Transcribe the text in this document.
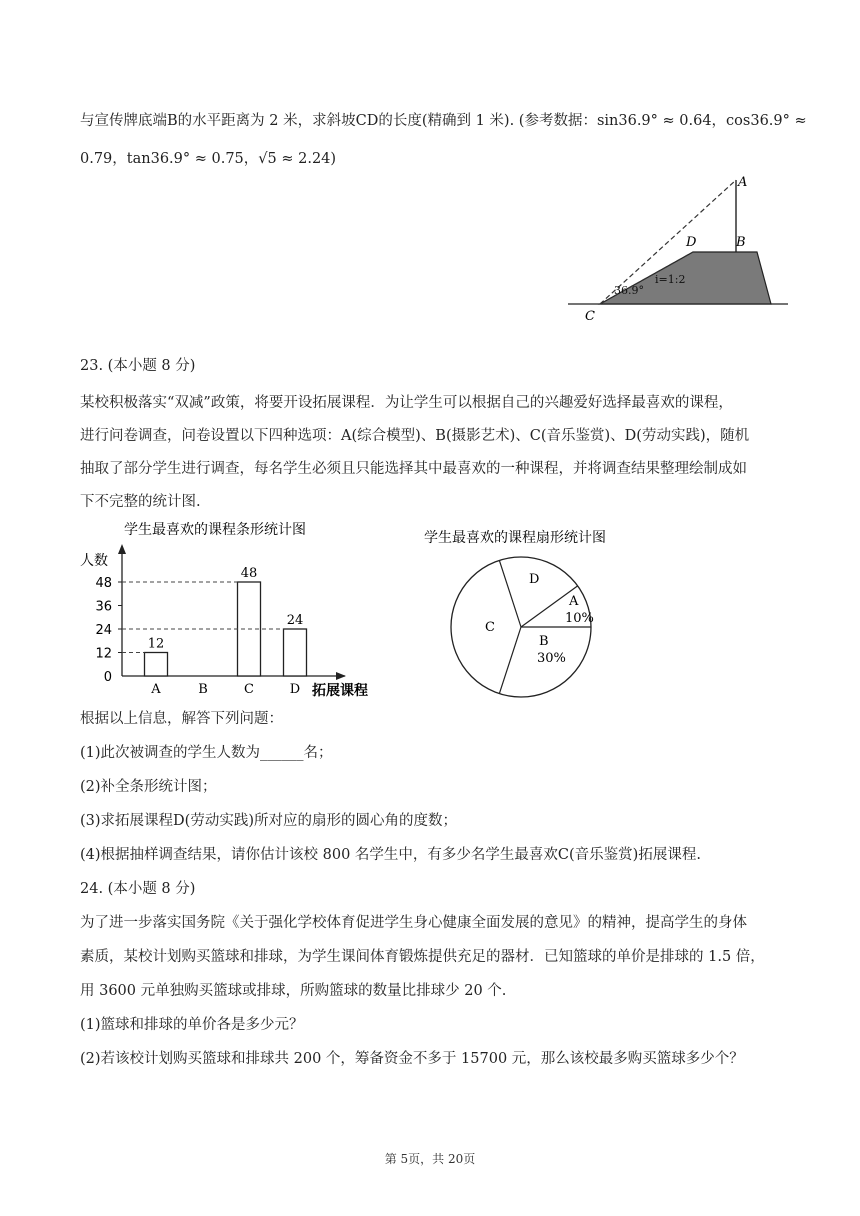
与宣传牌底端B的水平距离为 2 米，求斜坡CD的长度(精确到 1 米). (参考数据：sin36.9° ≈ 0.64，cos36.9° ≈
0.79，tan36.9° ≈ 0.75，√5 ≈ 2.24)
A
B
D
C
36.9°
i=1:2
23. (本小题 8 分)
某校积极落实“双减”政策，将要开设拓展课程．为让学生可以根据自己的兴趣爱好选择最喜欢的课程，
进行问卷调查，问卷设置以下四种选项：A(综合模型)、B(摄影艺术)、C(音乐鉴赏)、D(劳动实践)，随机
抽取了部分学生进行调查，每名学生必须且只能选择其中最喜欢的一种课程，并将调查结果整理绘制成如
下不完整的统计图.
学生最喜欢的课程条形统计图
人数
拓展课程
0
12
24
36
48
A
12
B	C
48
D
24
学生最喜欢的课程扇形统计图
A
10%
B
30%
C
D
根据以上信息，解答下列问题：
(1)此次被调查的学生人数为______名；
(2)补全条形统计图；
(3)求拓展课程D(劳动实践)所对应的扇形的圆心角的度数；
(4)根据抽样调查结果，请你估计该校 800 名学生中，有多少名学生最喜欢C(音乐鉴赏)拓展课程.
24. (本小题 8 分)
为了进一步落实国务院《关于强化学校体育促进学生身心健康全面发展的意见》的精神，提高学生的身体
素质，某校计划购买篮球和排球，为学生课间体育锻炼提供充足的器材．已知篮球的单价是排球的 1.5 倍，
用 3600 元单独购买篮球或排球，所购篮球的数量比排球少 20 个.
(1)篮球和排球的单价各是多少元？
(2)若该校计划购买篮球和排球共 200 个，筹备资金不多于 15700 元，那么该校最多购买篮球多少个？
第 5页，共 20页
